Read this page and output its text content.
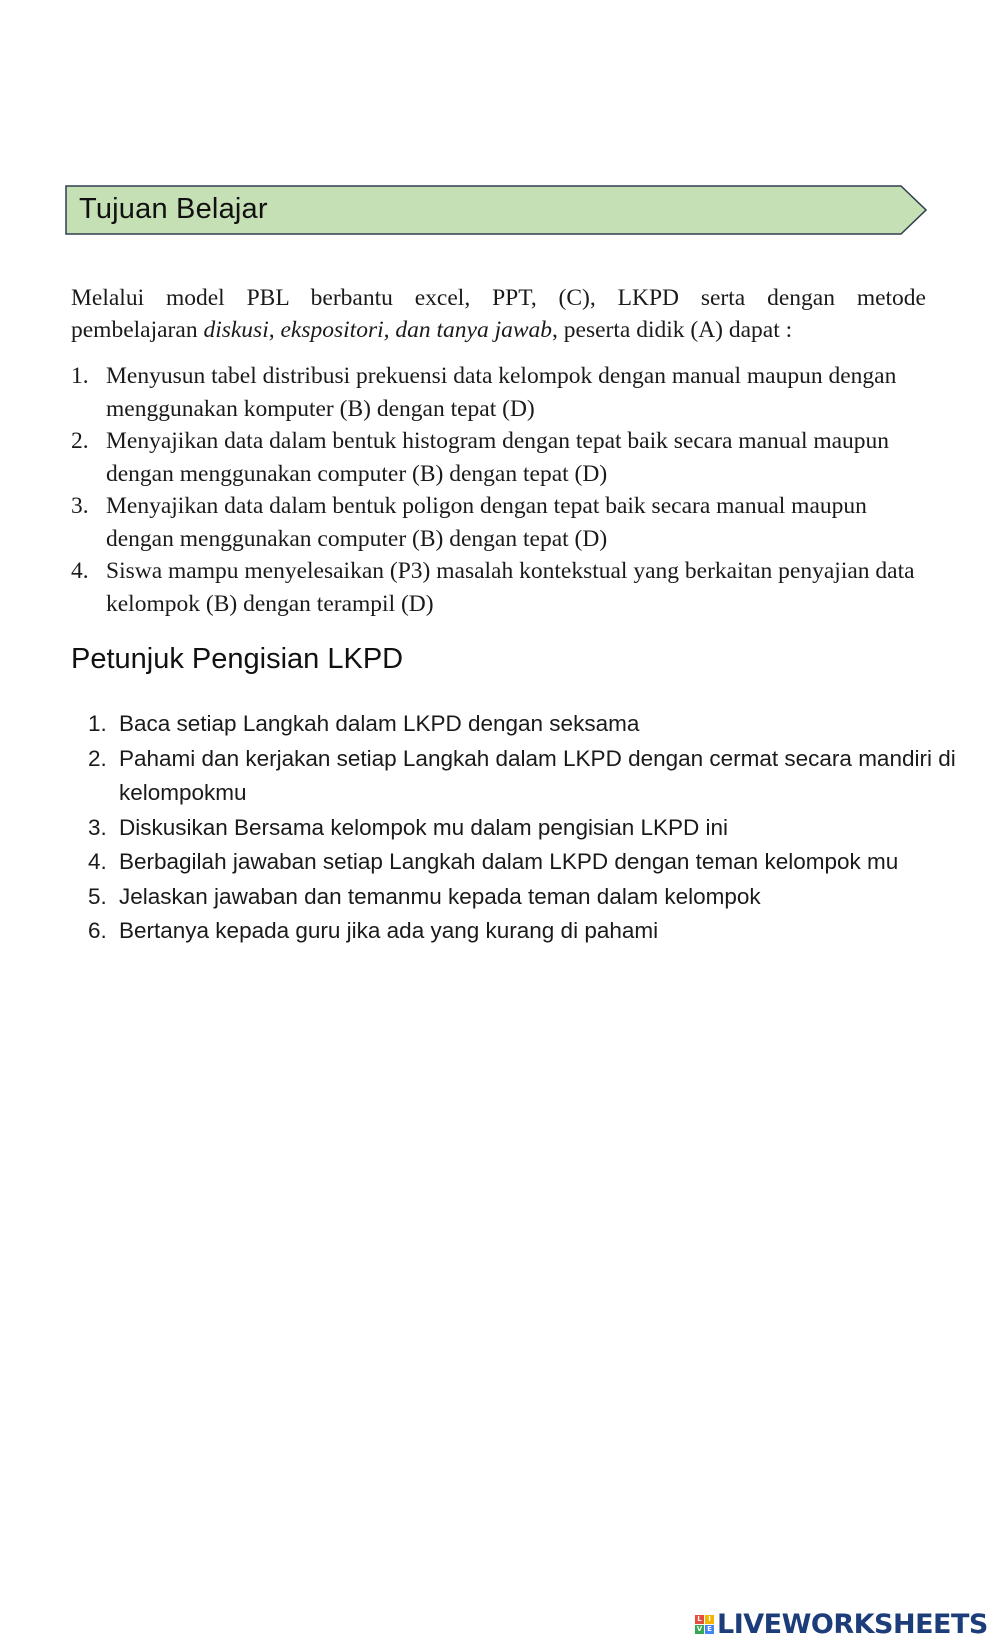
Tujuan Belajar
Melalui model PBL berbantu excel, PPT, (C), LKPD serta dengan metode
pembelajaran diskusi, ekspositori, dan tanya jawab, peserta didik (A) dapat :
1. Menyusun tabel distribusi prekuensi data kelompok dengan manual maupun dengan menggunakan komputer (B) dengan tepat (D)
2. Menyajikan data dalam bentuk histogram dengan tepat baik secara manual maupun dengan menggunakan computer (B) dengan tepat (D)
3. Menyajikan data dalam bentuk poligon dengan tepat baik secara manual maupun dengan menggunakan computer (B) dengan tepat (D)
4. Siswa mampu menyelesaikan (P3) masalah kontekstual yang berkaitan penyajian data kelompok (B) dengan terampil (D)
Petunjuk Pengisian LKPD
1. Baca setiap Langkah dalam LKPD dengan seksama
2. Pahami dan kerjakan setiap Langkah dalam LKPD dengan cermat secara mandiri di kelompokmu
3. Diskusikan Bersama kelompok mu dalam pengisian LKPD ini
4. Berbagilah jawaban setiap Langkah dalam LKPD dengan teman kelompok mu
5. Jelaskan jawaban dan temanmu kepada teman dalam kelompok
6. Bertanya kepada guru jika ada yang kurang di pahami
L I
V E LIVEWORKSHEETS
